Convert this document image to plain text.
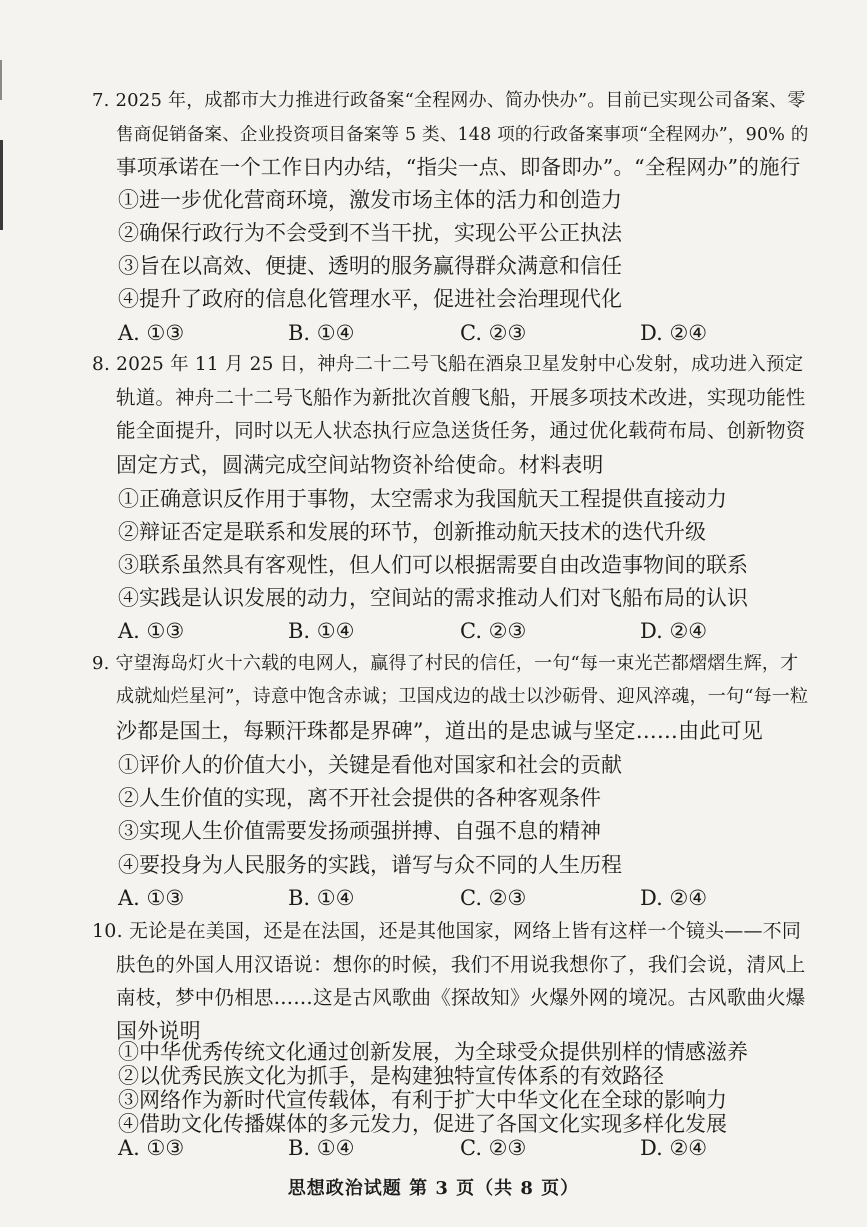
7. 2025 年，成都市大力推进行政备案“全程网办、简办快办”。目前已实现公司备案、零
售商促销备案、企业投资项目备案等 5 类、148 项的行政备案事项“全程网办”，90% 的
事项承诺在一个工作日内办结，“指尖一点、即备即办”。“全程网办”的施行
①进一步优化营商环境，激发市场主体的活力和创造力
②确保行政行为不会受到不当干扰，实现公平公正执法
③旨在以高效、便捷、透明的服务赢得群众满意和信任
④提升了政府的信息化管理水平，促进社会治理现代化
A. ①③	B. ①④	C. ②③	D. ②④
8. 2025 年 11 月 25 日，神舟二十二号飞船在酒泉卫星发射中心发射，成功进入预定
轨道。神舟二十二号飞船作为新批次首艘飞船，开展多项技术改进，实现功能性
能全面提升，同时以无人状态执行应急送货任务，通过优化载荷布局、创新物资
固定方式，圆满完成空间站物资补给使命。材料表明
①正确意识反作用于事物，太空需求为我国航天工程提供直接动力
②辩证否定是联系和发展的环节，创新推动航天技术的迭代升级
③联系虽然具有客观性，但人们可以根据需要自由改造事物间的联系
④实践是认识发展的动力，空间站的需求推动人们对飞船布局的认识
A. ①③	B. ①④	C. ②③	D. ②④
9. 守望海岛灯火十六载的电网人，赢得了村民的信任，一句“每一束光芒都熠熠生辉，才
成就灿烂星河”，诗意中饱含赤诚；卫国戍边的战士以沙砺骨、迎风淬魂，一句“每一粒
沙都是国土，每颗汗珠都是界碑”，道出的是忠诚与坚定……由此可见
①评价人的价值大小，关键是看他对国家和社会的贡献
②人生价值的实现，离不开社会提供的各种客观条件
③实现人生价值需要发扬顽强拼搏、自强不息的精神
④要投身为人民服务的实践，谱写与众不同的人生历程
A. ①③	B. ①④	C. ②③	D. ②④
10. 无论是在美国，还是在法国，还是其他国家，网络上皆有这样一个镜头——不同
肤色的外国人用汉语说：想你的时候，我们不用说我想你了，我们会说，清风上
南枝，梦中仍相思……这是古风歌曲《探故知》火爆外网的境况。古风歌曲火爆
国外说明
①中华优秀传统文化通过创新发展，为全球受众提供别样的情感滋养
②以优秀民族文化为抓手，是构建独特宣传体系的有效路径
③网络作为新时代宣传载体，有利于扩大中华文化在全球的影响力
④借助文化传播媒体的多元发力，促进了各国文化实现多样化发展
A. ①③	B. ①④	C. ②③	D. ②④
思想政治试题 第 3 页（共 8 页）
